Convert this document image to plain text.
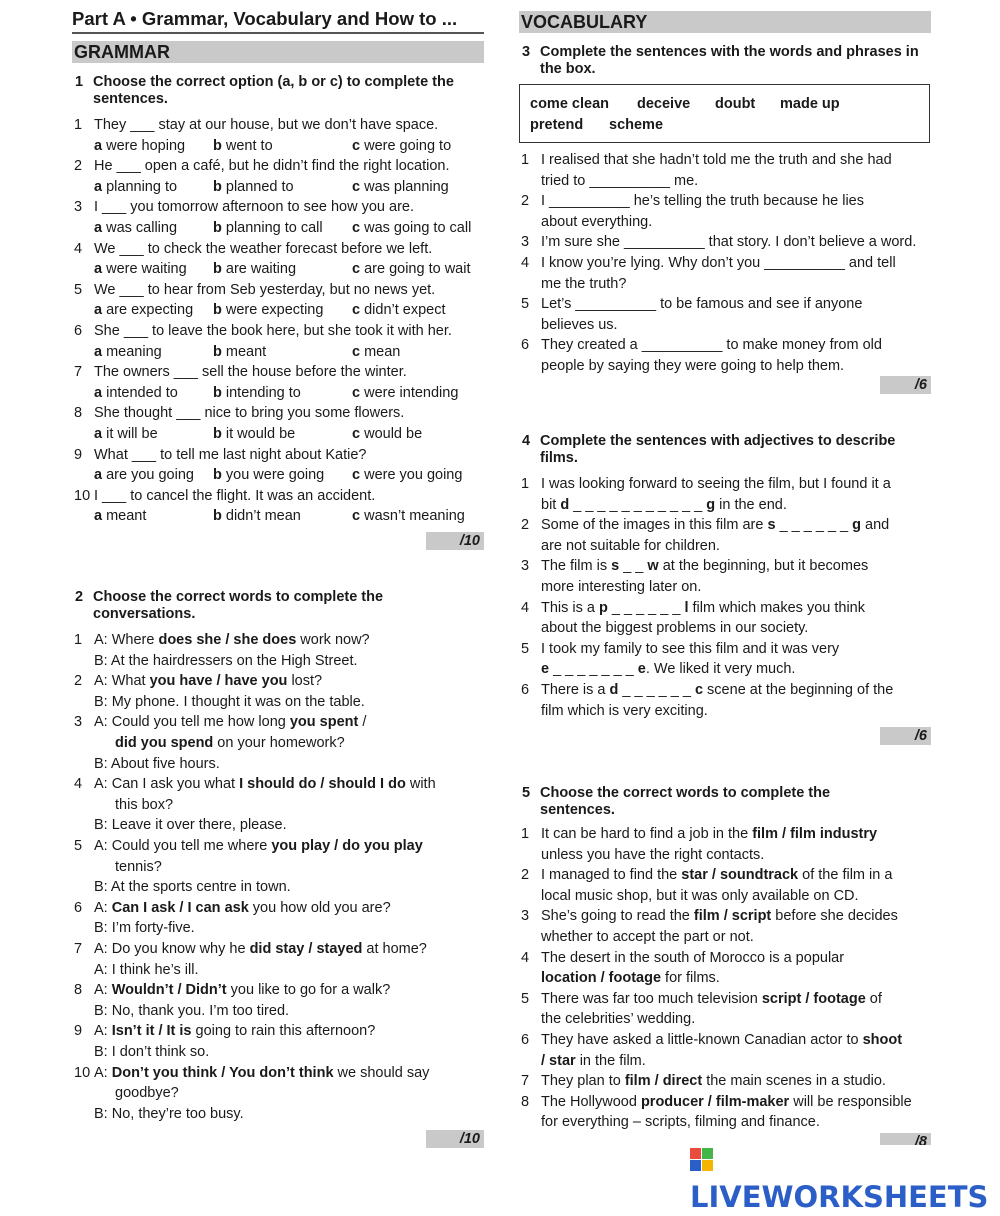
Part A • Grammar, Vocabulary and How to ...
GRAMMAR
1 Choose the correct option (a, b or c) to complete the sentences.
1 They ___ stay at our house, but we don’t have space.
a were hoping b went to	c were going to
2 He ___ open a café, but he didn’t find the right location.
a planning to b planned to	c was planning
3 I ___ you tomorrow afternoon to see how you are.
a was calling b planning to call c was going to call
4 We ___ to check the weather forecast before we left.
a were waiting b are waiting	c are going to wait
5 We ___ to hear from Seb yesterday, but no news yet.
a are expecting b were expecting c didn’t expect
6 She ___ to leave the book here, but she took it with her.
a meaning	b meant	c mean
7 The owners ___ sell the house before the winter.
a intended to b intending to	c were intending
8 She thought ___ nice to bring you some flowers.
a it will be	b it would be	c would be
9 What ___ to tell me last night about Katie?
a are you going b you were going c were you going
10 I ___ to cancel the flight. It was an accident.
a meant	b didn’t mean	c wasn’t meaning
/10
2 Choose the correct words to complete the conversations.
1 A: Where does she / she does work now?
B: At the hairdressers on the High Street.
2 A: What you have / have you lost?
B: My phone. I thought it was on the table.
3 A: Could you tell me how long you spent /
did you spend on your homework?
B: About five hours.
4 A: Can I ask you what I should do / should I do with
this box?
B: Leave it over there, please.
5 A: Could you tell me where you play / do you play
tennis?
B: At the sports centre in town.
6 A: Can I ask / I can ask you how old you are?
B: I’m forty-five.
7 A: Do you know why he did stay / stayed at home?
A: I think he’s ill.
8 A: Wouldn’t / Didn’t you like to go for a walk?
B: No, thank you. I’m too tired.
9 A: Isn’t it / It is going to rain this afternoon?
B: I don’t think so.
10 A: Don’t you think / You don’t think we should say
goodbye?
B: No, they’re too busy.
/10
VOCABULARY
3 Complete the sentences with the words and phrases in the box.
come clean deceive doubt made up
pretend scheme
1 I realised that she hadn’t told me the truth and she had
tried to __________ me.
2 I __________ he’s telling the truth because he lies
about everything.
3 I’m sure she __________ that story. I don’t believe a word.
4 I know you’re lying. Why don’t you __________ and tell
me the truth?
5 Let’s __________ to be famous and see if anyone
believes us.
6 They created a __________ to make money from old
people by saying they were going to help them.
/6
4 Complete the sentences with adjectives to describe films.
1 I was looking forward to seeing the film, but I found it a
bit d _ _ _ _ _ _ _ _ _ _ _ g in the end.
2 Some of the images in this film are s _ _ _ _ _ _ g and
are not suitable for children.
3 The film is s _ _ w at the beginning, but it becomes
more interesting later on.
4 This is a p _ _ _ _ _ _ l film which makes you think
about the biggest problems in our society.
5 I took my family to see this film and it was very
e _ _ _ _ _ _ _ e. We liked it very much.
6 There is a d _ _ _ _ _ _ c scene at the beginning of the
film which is very exciting.
/6
5 Choose the correct words to complete the sentences.
1 It can be hard to find a job in the film / film industry
unless you have the right contacts.
2 I managed to find the star / soundtrack of the film in a
local music shop, but it was only available on CD.
3 She’s going to read the film / script before she decides
whether to accept the part or not.
4 The desert in the south of Morocco is a popular
location / footage for films.
5 There was far too much television script / footage of
the celebrities’ wedding.
6 They have asked a little-known Canadian actor to shoot
/ star in the film.
7 They plan to film / direct the main scenes in a studio.
8 The Hollywood producer / film-maker will be responsible
for everything – scripts, filming and finance.
/8
LIVEWORKSHEETS
